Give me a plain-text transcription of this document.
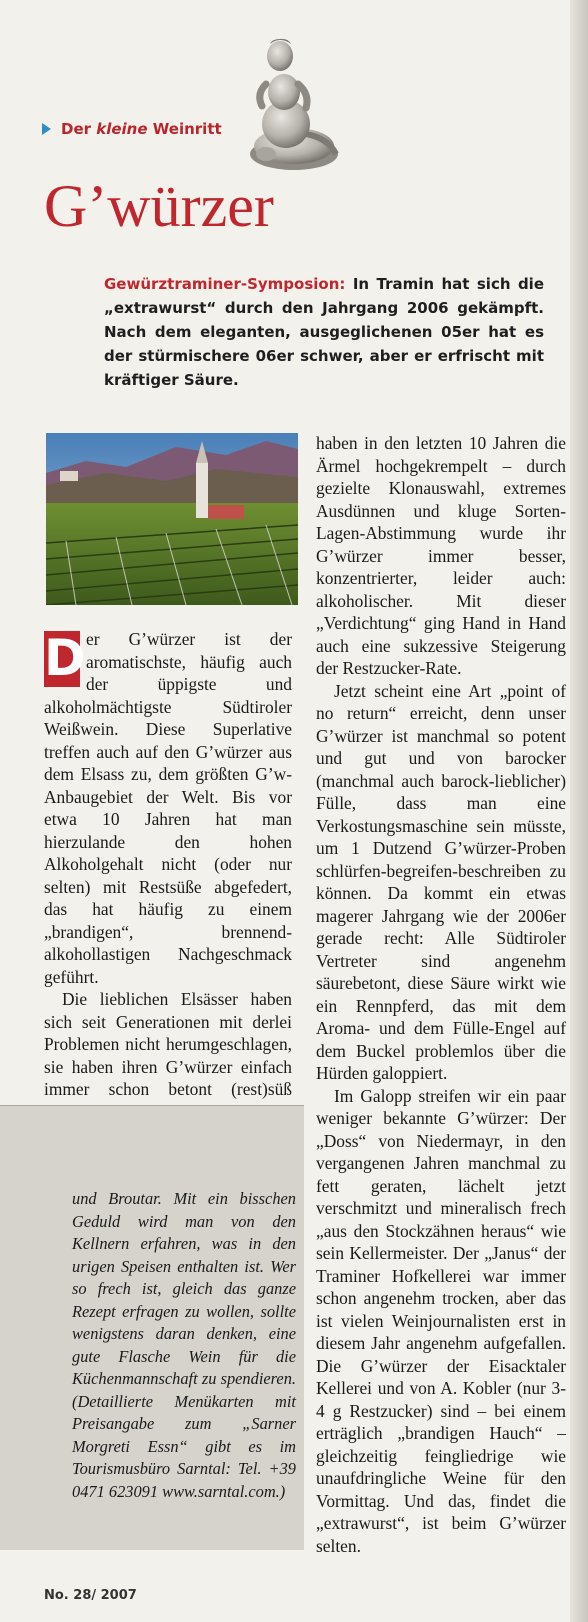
Der kleine Weinritt
G’würzer
Gewürztraminer-Symposion: In Tramin hat sich die „extrawurst“ durch den Jahrgang 2006 gekämpft. Nach dem eleganten, ausgeglichenen 05er hat es der stürmischere 06er schwer, aber er erfrischt mit kräftiger Säure.

D er G’würzer ist der aromatischste, häufig auch der üppigste und alkoholmächtigste Südtiroler Weißwein. Diese Superlative treffen auch auf den G’würzer aus dem Elsass zu, dem größten G’w-Anbaugebiet der Welt. Bis vor etwa 10 Jahren hat man hierzulande den hohen Alkoholgehalt nicht (oder nur selten) mit Restsüße abgefedert, das hat häufig zu einem „brandigen“, brennend-alkohollastigen Nachgeschmack geführt.

Die lieblichen Elsässer haben sich seit Generationen mit derlei Problemen nicht herumgeschlagen, sie haben ihren G’würzer einfach immer schon betont (rest)süß

haben in den letzten 10 Jahren die Ärmel hochgekrempelt – durch gezielte Klonauswahl, extremes Ausdünnen und kluge Sorten-Lagen-Abstimmung wurde ihr G’würzer immer besser, konzentrierter, leider auch: alkoholischer. Mit dieser „Verdichtung“ ging Hand in Hand auch eine sukzessive Steigerung der Restzucker-Rate.

Jetzt scheint eine Art „point of no return“ erreicht, denn unser G’würzer ist manchmal so potent und gut und von barocker (manchmal auch barock-lieblicher) Fülle, dass man eine Verkostungsmaschine sein müsste, um 1 Dutzend G’würzer-Proben schlürfen-begreifen-beschreiben zu können. Da kommt ein etwas magerer Jahrgang wie der 2006er gerade recht: Alle Südtiroler Vertreter sind angenehm säurebetont, diese Säure wirkt wie ein Rennpferd, das mit dem Aroma- und dem Fülle-Engel auf dem Buckel problemlos über die Hürden galoppiert.

Im Galopp streifen wir ein paar weniger bekannte G’würzer: Der „Doss“ von Niedermayr, in den vergangenen Jahren manchmal zu fett geraten, lächelt jetzt verschmitzt und mineralisch frech „aus den Stockzähnen heraus“ wie sein Kellermeister. Der „Janus“ der Traminer Hofkellerei war immer schon angenehm trocken, aber das ist vielen Weinjournalisten erst in diesem Jahr angenehm aufgefallen. Die G’würzer der Eisacktaler Kellerei und von A. Kobler (nur 3-4 g Restzucker) sind – bei einem erträglich „brandigen Hauch“ – gleichzeitig feingliedrige wie unaufdringliche Weine für den Vormittag. Und das, findet die „extrawurst“, ist beim G’würzer selten.

und Broutar. Mit ein bisschen Geduld wird man von den Kellnern erfahren, was in den urigen Speisen enthalten ist. Wer so frech ist, gleich das ganze Rezept erfragen zu wollen, sollte wenigstens daran denken, eine gute Flasche Wein für die Küchenmannschaft zu spendieren. (Detaillierte Menükarten mit Preisangabe zum „Sarner Morgreti Essn“ gibt es im Tourismusbüro Sarntal: Tel. +39 0471 623091 www.sarntal.com.)
No. 28/ 2007
